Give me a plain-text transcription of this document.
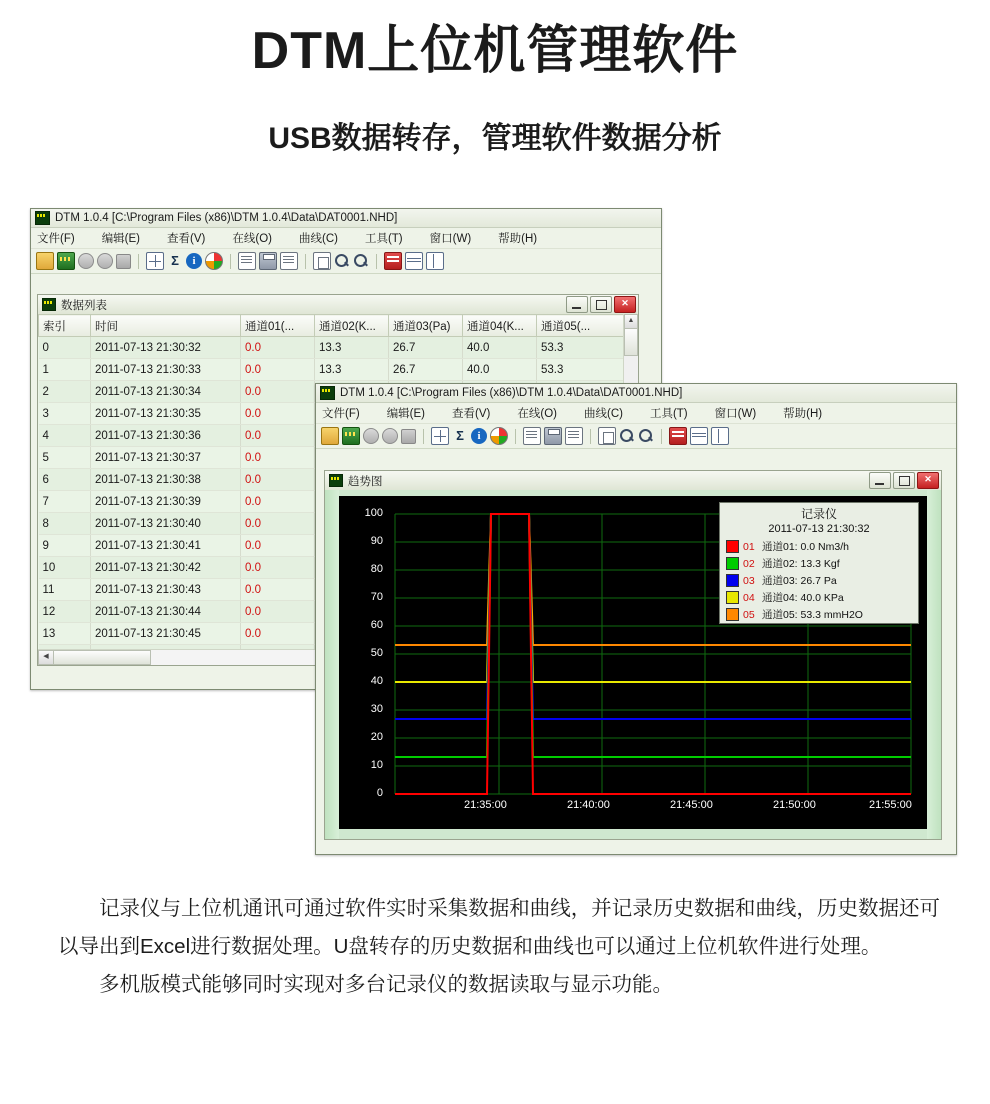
DTM上位机管理软件
USB数据转存，管理软件数据分析
DTM 1.0.4 [C:\Program Files (x86)\DTM 1.0.4\Data\DAT0001.NHD]
文件(F)	编辑(E)	查看(V)	在线(O)	曲线(C)	工具(T)	窗口(W)	帮助(H)
Σ	i
数据列表	✕
索引	时间	通道01(...	通道02(K...	通道03(Pa)	通道04(K...	通道05(...
0	2011-07-13 21:30:32	0.0	13.3	26.7	40.0	53.3
1	2011-07-13 21:30:33	0.0	13.3	26.7	40.0	53.3
2	2011-07-13 21:30:34	0.0				
3	2011-07-13 21:30:35	0.0				
4	2011-07-13 21:30:36	0.0				
5	2011-07-13 21:30:37	0.0				
6	2011-07-13 21:30:38	0.0				
7	2011-07-13 21:30:39	0.0				
8	2011-07-13 21:30:40	0.0				
9	2011-07-13 21:30:41	0.0				
10	2011-07-13 21:30:42	0.0				
11	2011-07-13 21:30:43	0.0				
12	2011-07-13 21:30:44	0.0				
13	2011-07-13 21:30:45	0.0				

▲
◀
DTM 1.0.4 [C:\Program Files (x86)\DTM 1.0.4\Data\DAT0001.NHD]
文件(F)	编辑(E)	查看(V)	在线(O)	曲线(C)	工具(T)	窗口(W)	帮助(H)
Σ	i
趋势图	✕
100
90
80
70
60
50
40
30
20
10
0
21:35:00	21:40:00	21:45:00	21:50:00	21:55:00
记录仪
2011-07-13 21:30:32
01 通道01: 0.0 Nm3/h
02 通道02: 13.3 Kgf
03 通道03: 26.7 Pa
04 通道04: 40.0 KPa
05 通道05: 53.3 mmH2O

记录仪与上位机通讯可通过软件实时采集数据和曲线，并记录历史数据和曲线，历史数据还可以导出到Excel进行数据处理。U盘转存的历史数据和曲线也可以通过上位机软件进行处理。

多机版模式能够同时实现对多台记录仪的数据读取与显示功能。
